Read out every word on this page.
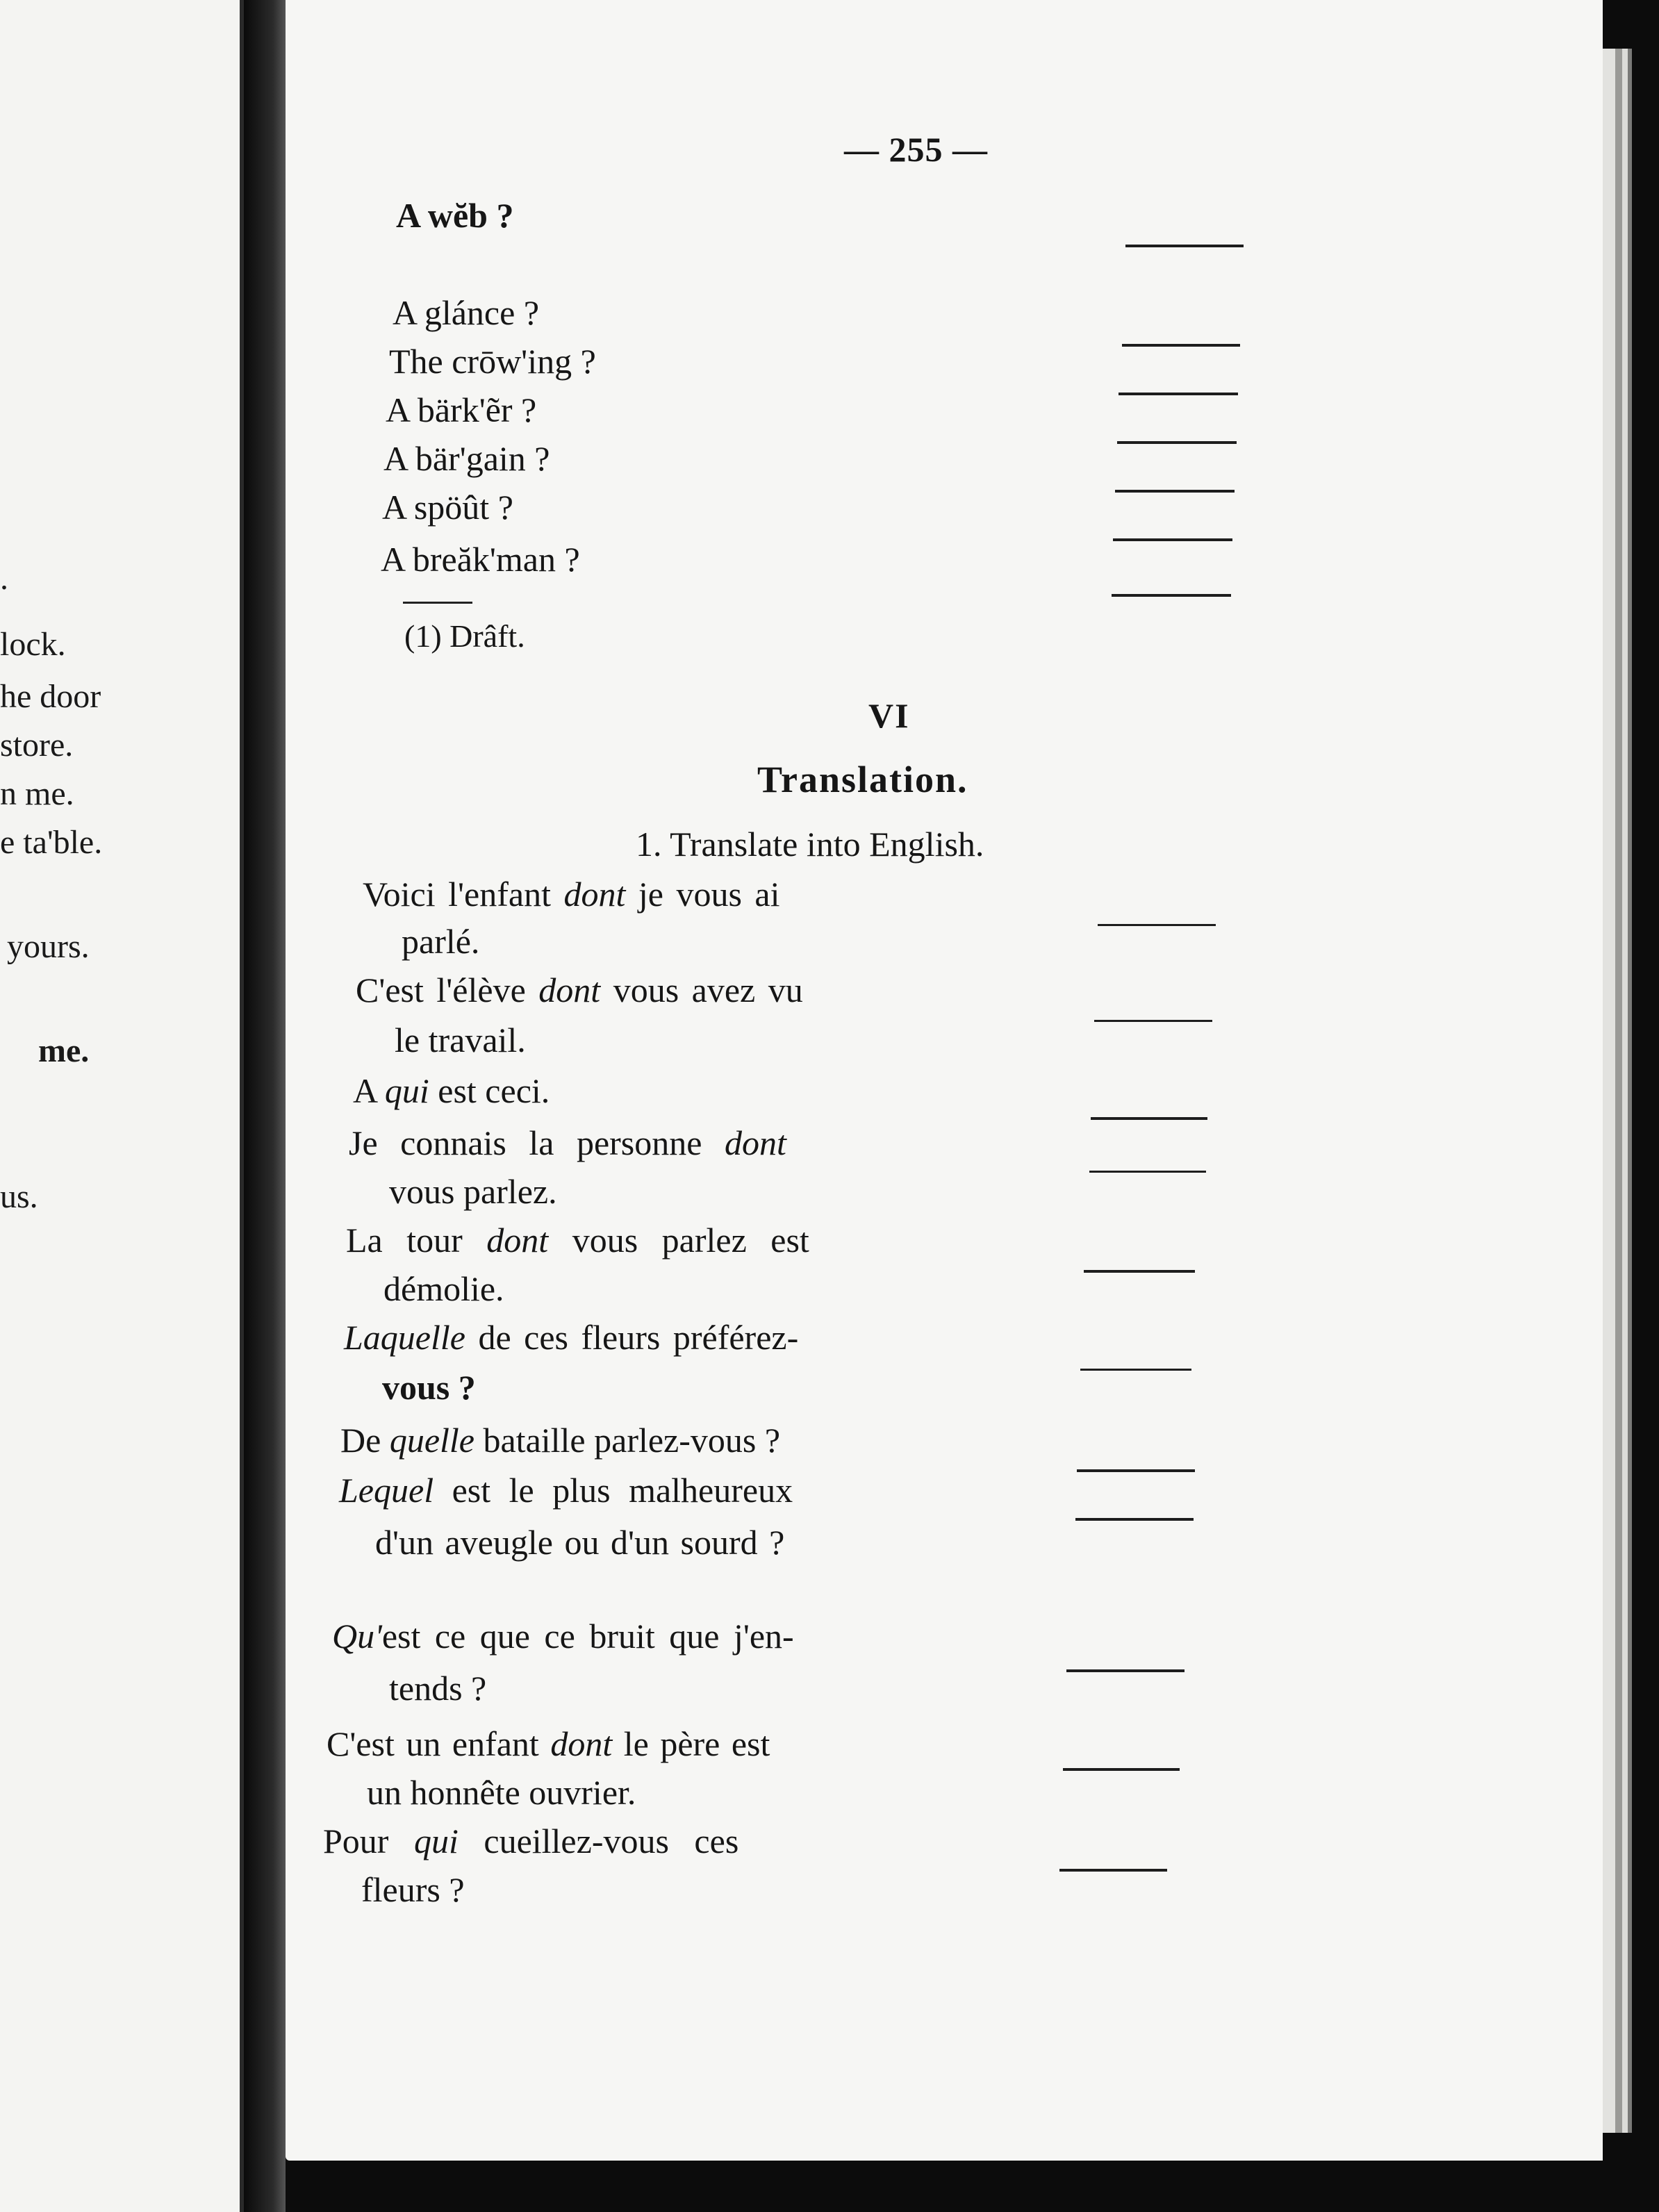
.
lock.
he door
store.
n me.
e ta'ble.
yours.
me.
us.
— 255 —
A wĕb ?
A glánce ?
The crōw'ing ?
A bärk'ẽr ?
A bär'gain ?
A spöût ?
A breăk'man ?
(1) Drâft.
VI
Translation.
1. Translate into English.
Voici l'enfant dont je vous ai
parlé.
C'est l'élève dont vous avez vu
le travail.
A qui est ceci.
Je connais la personne dont
vous parlez.
La tour dont vous parlez est
démolie.
Laquelle de ces fleurs préférez-
vous ?
De quelle bataille parlez-vous ?
Lequel est le plus malheureux
d'un aveugle ou d'un sourd ?
Qu'est ce que ce bruit que j'en-
tends ?
C'est un enfant dont le père est
un honnête ouvrier.
Pour qui cueillez-vous ces
fleurs ?
